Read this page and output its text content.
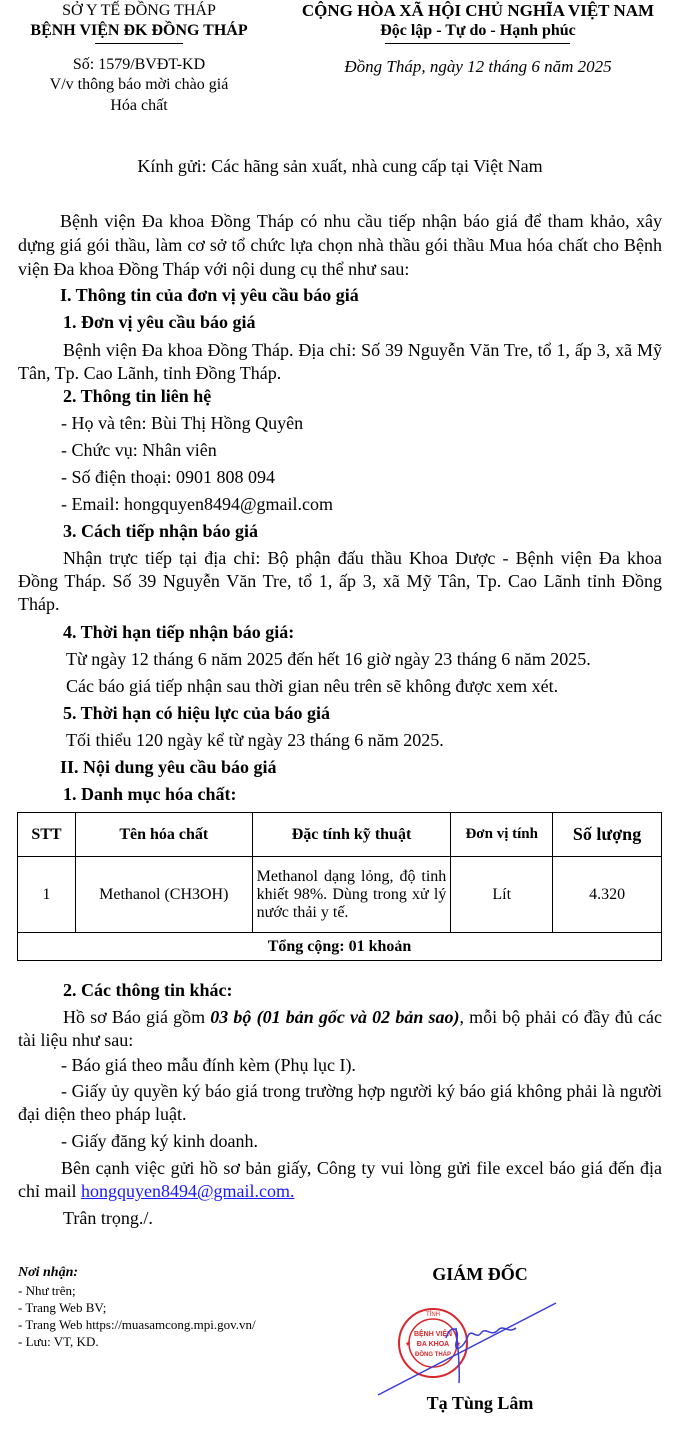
SỞ Y TẾ ĐỒNG THÁP
BỆNH VIỆN ĐK ĐỒNG THÁP
Số: 1579/BVĐT-KD
V/v thông báo mời chào giá
Hóa chất
CỘNG HÒA XÃ HỘI CHỦ NGHĨA VIỆT NAM
Độc lập - Tự do - Hạnh phúc
Đồng Tháp, ngày 12 tháng 6 năm 2025
Kính gửi: Các hãng sản xuất, nhà cung cấp tại Việt Nam
Bệnh viện Đa khoa Đồng Tháp có nhu cầu tiếp nhận báo giá để tham khảo, xây dựng giá gói thầu, làm cơ sở tổ chức lựa chọn nhà thầu gói thầu Mua hóa chất cho Bệnh viện Đa khoa Đồng Tháp với nội dung cụ thể như sau:
I. Thông tin của đơn vị yêu cầu báo giá
1. Đơn vị yêu cầu báo giá
Bệnh viện Đa khoa Đồng Tháp. Địa chỉ: Số 39 Nguyễn Văn Tre, tổ 1, ấp 3, xã Mỹ Tân, Tp. Cao Lãnh, tỉnh Đồng Tháp.
2. Thông tin liên hệ
- Họ và tên: Bùi Thị Hồng Quyên
- Chức vụ: Nhân viên
- Số điện thoại: 0901 808 094
- Email: hongquyen8494@gmail.com
3. Cách tiếp nhận báo giá
Nhận trực tiếp tại địa chỉ: Bộ phận đấu thầu Khoa Dược - Bệnh viện Đa khoa Đồng Tháp. Số 39 Nguyễn Văn Tre, tổ 1, ấp 3, xã Mỹ Tân, Tp. Cao Lãnh tỉnh Đồng Tháp.
4. Thời hạn tiếp nhận báo giá:
Từ ngày 12 tháng 6 năm 2025 đến hết 16 giờ ngày 23 tháng 6 năm 2025.
Các báo giá tiếp nhận sau thời gian nêu trên sẽ không được xem xét.
5. Thời hạn có hiệu lực của báo giá
Tối thiểu 120 ngày kể từ ngày 23 tháng 6 năm 2025.
II. Nội dung yêu cầu báo giá
1. Danh mục hóa chất:
STT	Tên hóa chất	Đặc tính kỹ thuật	Đơn vị tính	Số lượng
1	Methanol (CH3OH)	Methanol dạng lỏng, độ tinh khiết 98%. Dùng trong xử lý nước thải y tế.	Lít	4.320
Tổng cộng: 01 khoản				
2. Các thông tin khác:
Hồ sơ Báo giá gồm 03 bộ (01 bản gốc và 02 bản sao), mỗi bộ phải có đầy đủ các tài liệu như sau:
- Báo giá theo mẫu đính kèm (Phụ lục I).
- Giấy ủy quyền ký báo giá trong trường hợp người ký báo giá không phải là người đại diện theo pháp luật.
- Giấy đăng ký kinh doanh.
Bên cạnh việc gửi hồ sơ bản giấy, Công ty vui lòng gửi file excel báo giá đến địa chỉ mail hongquyen8494@gmail.com.
Trân trọng./.
Nơi nhận:
- Như trên;
- Trang Web BV;
- Trang Web https://muasamcong.mpi.gov.vn/
- Lưu: VT, KD.
GIÁM ĐỐC
TỈNH
BỆNH VIỆN
ĐA KHOA
ĐỒNG THÁP
★	★
Tạ Tùng Lâm
